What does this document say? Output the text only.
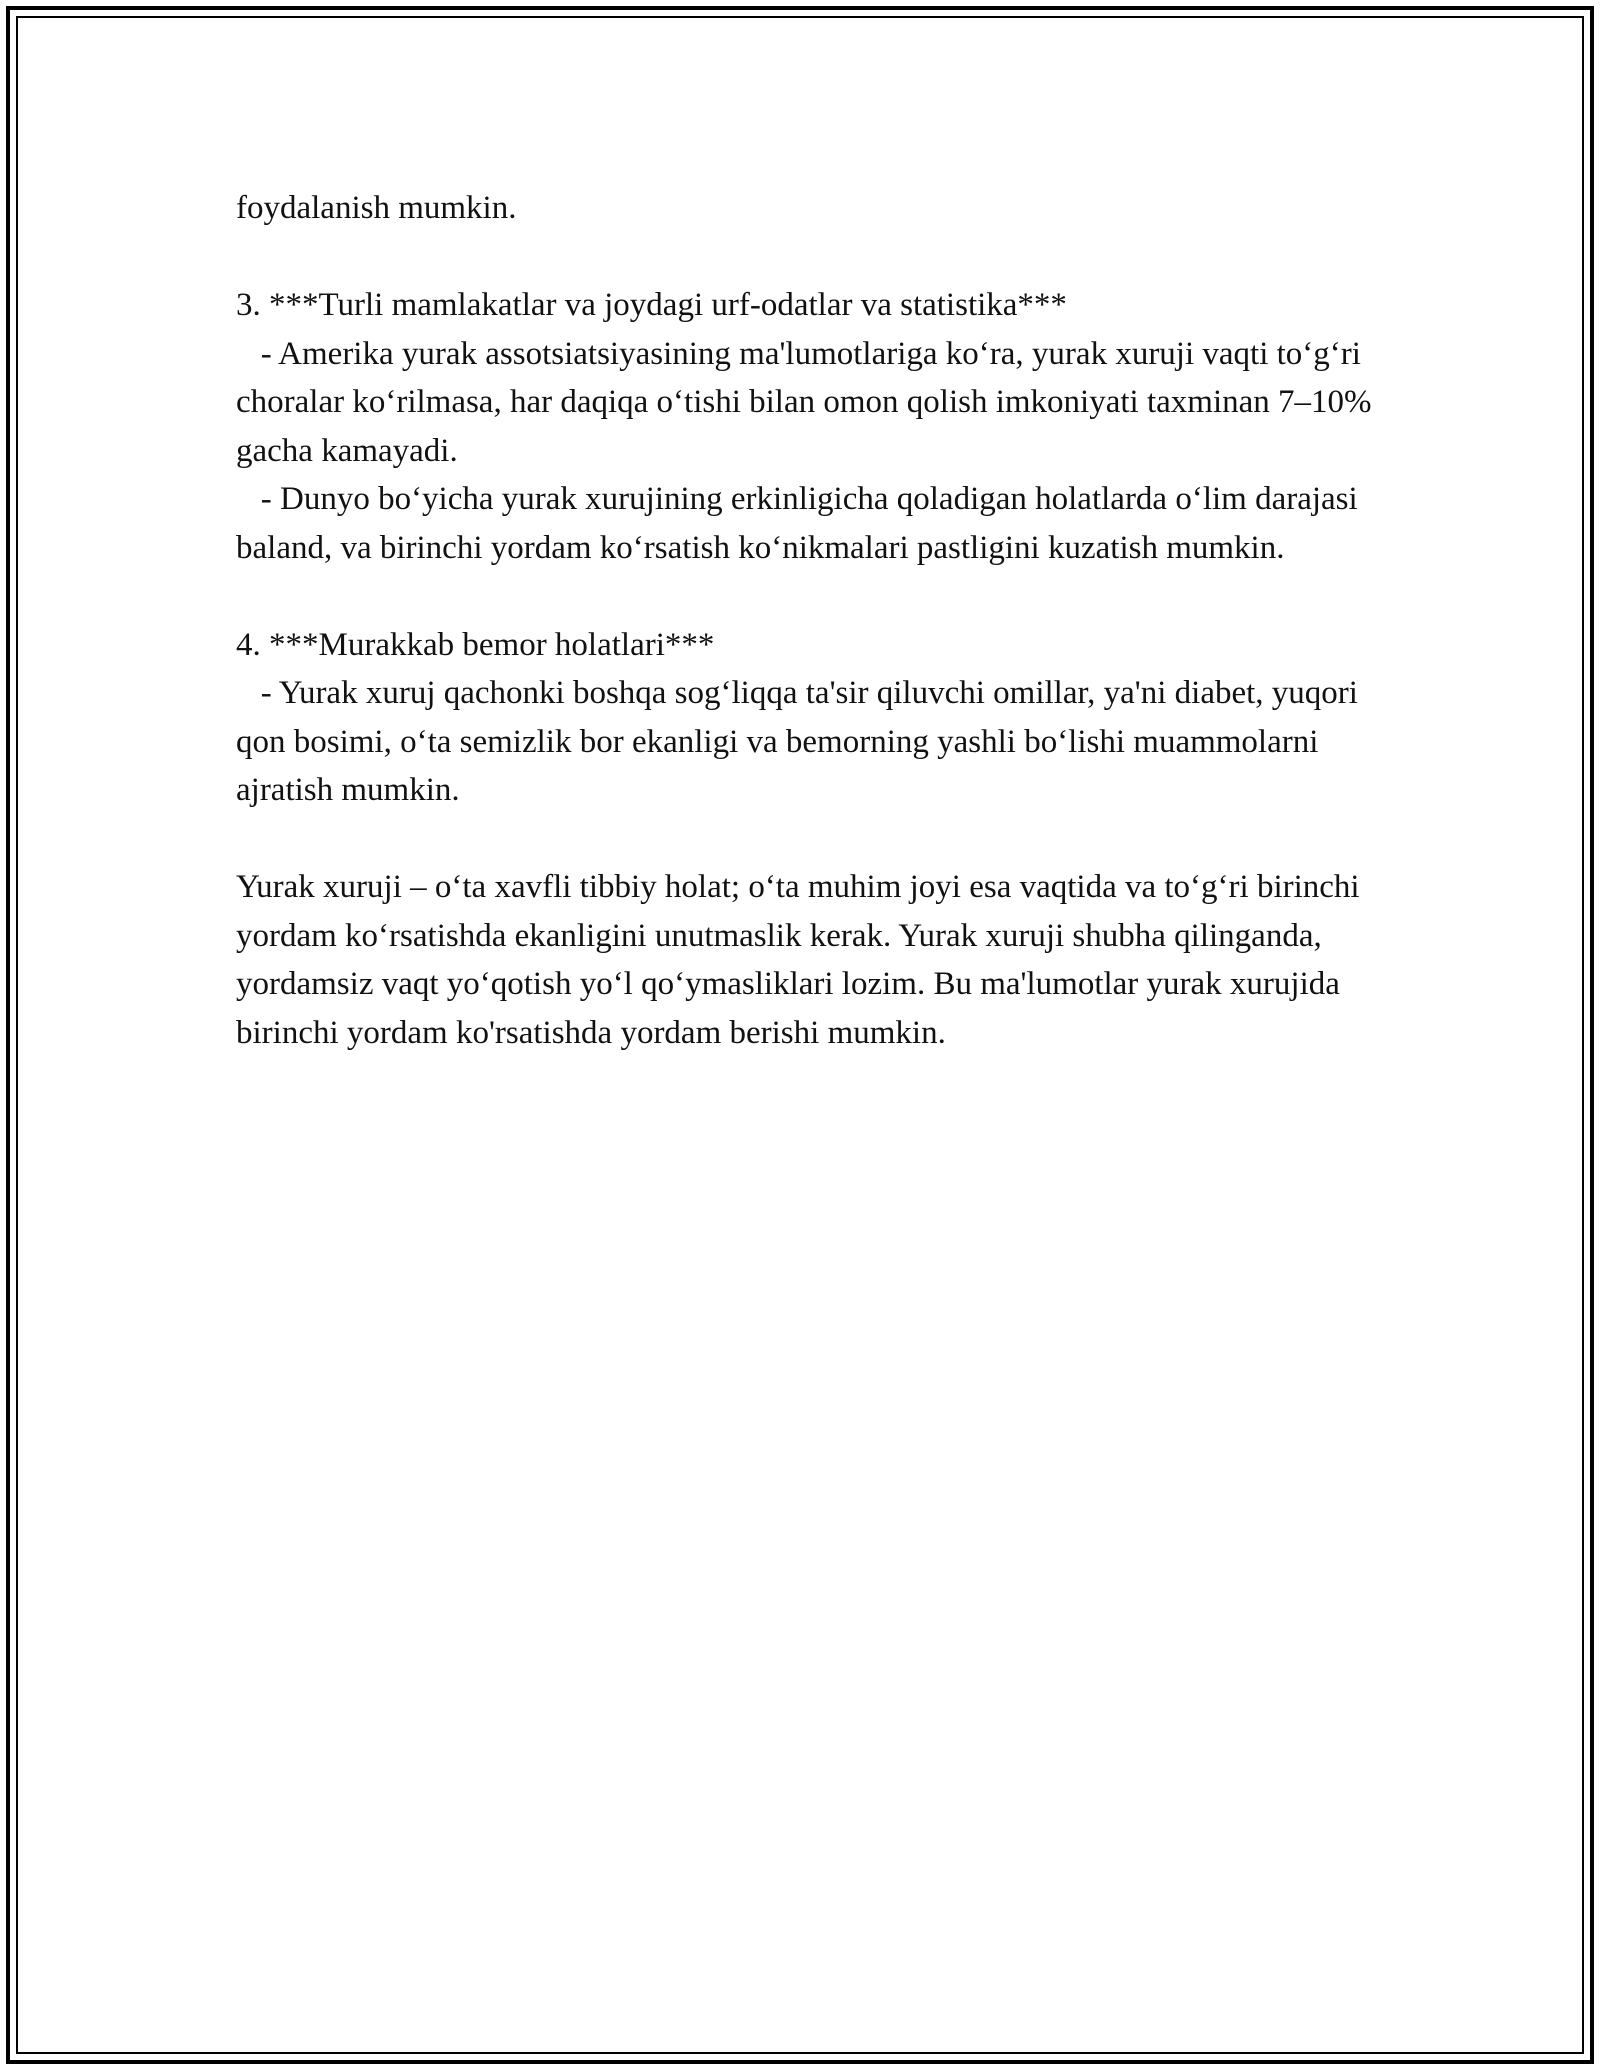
foydalanish mumkin.

3. ***Turli mamlakatlar va joydagi urf-odatlar va statistika***

- Amerika yurak assotsiatsiyasining ma'lumotlariga ko‘ra, yurak xuruji vaqti to‘g‘ri choralar ko‘rilmasa, har daqiqa o‘tishi bilan omon qolish imkoniyati taxminan 7–10% gacha kamayadi.

- Dunyo bo‘yicha yurak xurujining erkinligicha qoladigan holatlarda o‘lim darajasi baland, va birinchi yordam ko‘rsatish ko‘nikmalari pastligini kuzatish mumkin.

4. ***Murakkab bemor holatlari***

- Yurak xuruj qachonki boshqa sog‘liqqa ta'sir qiluvchi omillar, ya'ni diabet, yuqori qon bosimi, o‘ta semizlik bor ekanligi va bemorning yashli bo‘lishi muammolarni ajratish mumkin.

Yurak xuruji – o‘ta xavfli tibbiy holat; o‘ta muhim joyi esa vaqtida va to‘g‘ri birinchi yordam ko‘rsatishda ekanligini unutmaslik kerak. Yurak xuruji shubha qilinganda, yordamsiz vaqt yo‘qotish yo‘l qo‘ymasliklari lozim. Bu ma'lumotlar yurak xurujida birinchi yordam ko'rsatishda yordam berishi mumkin.
